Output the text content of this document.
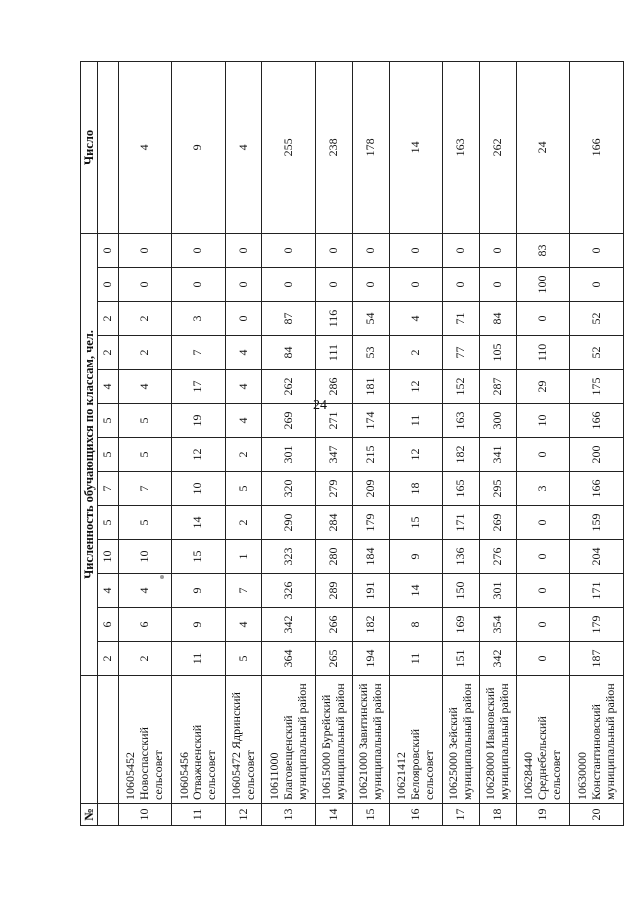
24
№		Численность обучающихся по классам, чел.													Число
		2	6	4	10	5	7	5	5	4	2	2	0	0	
10	10605452 Новоспасский сельсовет	2	6	4	10	5	7	5	5	4	2	2	0	0	4
11	10605456 Отважненский сельсовет	11	9	9	15	14	10	12	19	17	7	3	0	0	9
12	10605472 Ядринский сельсовет	5	4	7	1	2	5	2	4	4	4	0	0	0	4
13	10611000 Благовещенский муниципальный район	364	342	326	323	290	320	301	269	262	84	87	0	0	255
14	10615000 Бурейский муниципальный район	265	266	289	280	284	279	347	271	286	111	116	0	0	238
15	10621000 Завитинский муниципальный район	194	182	191	184	179	209	215	174	181	53	54	0	0	178
16	10621412 Белояровский сельсовет	11	8	14	9	15	18	12	11	12	2	4	0	0	14
17	10625000 Зейский муниципальный район	151	169	150	136	171	165	182	163	152	77	71	0	0	163
18	10628000 Ивановский муниципальный район	342	354	301	276	269	295	341	300	287	105	84	0	0	262
19	10628440 Среднебельский сельсовет	0	0	0	0	0	3	0	10	29	110	0	100	83	24
20	10630000 Константиновский муниципальный район	187	179	171	204	159	166	200	166	175	52	52	0	0	166
